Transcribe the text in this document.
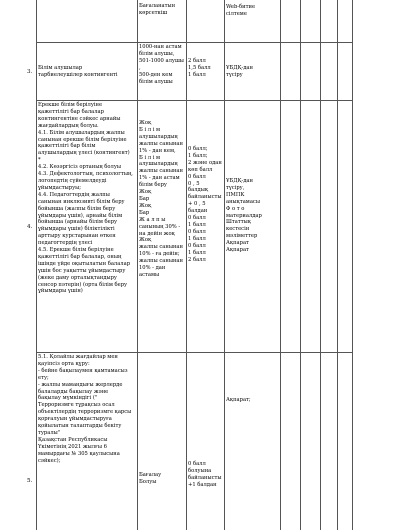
Бағаланатын
көрсеткіш
Web-битие
сілтеме
3.
Білім алушылар
тарбиелеушілер контингенті
1000-нан астам
білім алушы,
501-1000 алушы
,
500-ден кем
білім алушы
2 балл
1,5 балл
1 балл
ҰБДҚ-дан
түсіру
4.
Ерекше білім берілуіне
қажеттілігі бар балалар
контингентіне сәйкес арнайы
жағдайлардың болуы.
4.1. Білім алушылардың жалпы
санынан ерекше білім берілуіне
қажеттілігі бар білім
алушылардың үлесі (контингент)
*
4.2. Көзәргісіз ортаның болуы
4.3. Дефектологтың, психологтың,
логопедтің сүйемелдеуді
ұйымдастыруы;
4.4. Педагогтердің жалпы
санынан инклюзивті білім беру
бойынша (жалпы білім беру
ұйымдары үшін), арнайы білім
бойынша (арнайы білім беру
ұйымдары үшін) біліктілікті
арттыру курстарынан өткен
педагогтердің үлесі
4.5. Ерекше білім берілуіне
қажеттілігі бар балалар, оның
ішінде үйде оқытылатын балалар
үшін бос уақытты ұйымдастыру
(жеке даму орталықтандыру
сенсор пәтерін) (орта білім беру
ұйымдары үшін)
Жоқ
Б і л і м
алушылардың
жалпы санынан
1% - дан кем,
Б і л і м
алушылардың
жалпы санынан
1% - дан астам
білім беру
Жоқ
Бар
Жоқ
Бар
Ж а л п ы
санының 30% -
на дейін жоқ
Жоқ
жалпы санынан
10% - ға дейін;
жалпы санынан
10% - дан
астамы
0 балл;
1 балл;
2 және одан
көп балл
0 балл
0 , 5
балдық
байланысты
+ 0 , 5
балдан
0 балл
1 балл
0 балл
1 балл
0 балл
1 балл
2 балл
ҰБДҚ-дан
түсіру,
ПМПК
анықтамасы
Ф о т о
материалдар
Штаттық
кестесін
мәліметтер
Ақпарат
Ақпарат
5.
5.1. Қолайлы жағдайлар мен
қауіпсіз орта құру:
- бейне бақылаумен қамтамасыз
ету;
- жалпы мамандығы жерлерде
балаларды бақылау және
бақылау мүмкіндігі ("
Терроризмге тұрақсыз осал
объектілердің терроризмге қарсы
қорғалуын ұйымдастыруға
қойылатын талаптарды бекіту
туралы"
Қазақстан Республикасы
Үкіметінің 2021 жылғы 6
мамырдағы № 305 қаулысына
сәйкес);
Бағалау
Болуы
0 балл
болуына
байланысты
+1 балдан
Ақпарат;
